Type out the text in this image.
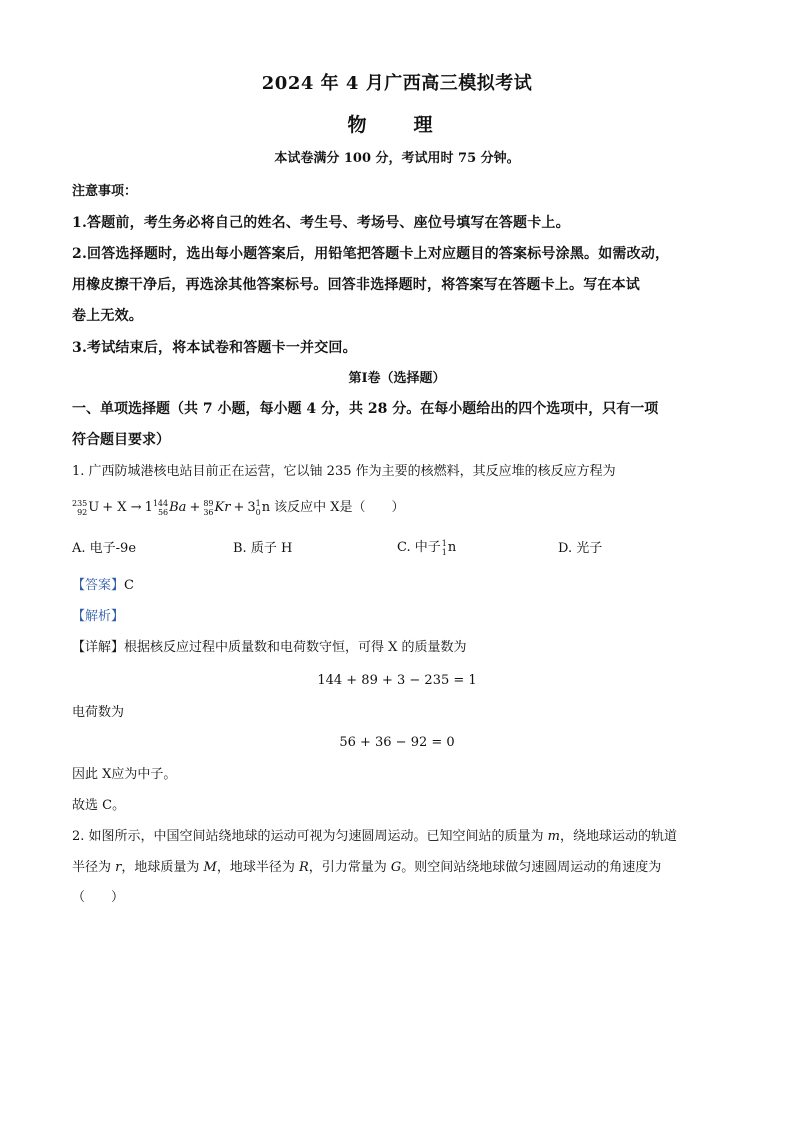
2024 年 4 月广西高三模拟考试
物　理
本试卷满分 100 分，考试用时 75 分钟。
注意事项：
1.答题前，考生务必将自己的姓名、考生号、考场号、座位号填写在答题卡上。
2.回答选择题时，选出每小题答案后，用铅笔把答题卡上对应题目的答案标号涂黑。如需改动，
用橡皮擦干净后，再选涂其他答案标号。回答非选择题时，将答案写在答题卡上。写在本试
卷上无效。
3.考试结束后，将本试卷和答题卡一并交回。
第Ⅰ卷（选择题）
一、单项选择题（共 7 小题，每小题 4 分，共 28 分。在每小题给出的四个选项中，只有一项
符合题目要求）
1. 广西防城港核电站目前正在运营，它以铀 235 作为主要的核燃料，其反应堆的核反应方程为
235
92 U + X → 1 144
56 Ba + 89
36 Kr + 3 1
0 n 该反应中 X是（　　）
A. 电子-9e	B. 质子 H	C. 中子 1
1 n	D. 光子
【答案】C
【解析】
【详解】根据核反应过程中质量数和电荷数守恒，可得 X 的质量数为
144 + 89 + 3 − 235 = 1
电荷数为
56 + 36 − 92 = 0
因此 X应为中子。
故选 C。
2. 如图所示，中国空间站绕地球的运动可视为匀速圆周运动。已知空间站的质量为 m，绕地球运动的轨道
半径为 r，地球质量为 M，地球半径为 R，引力常量为 G。则空间站绕地球做匀速圆周运动的角速度为
（　　）
